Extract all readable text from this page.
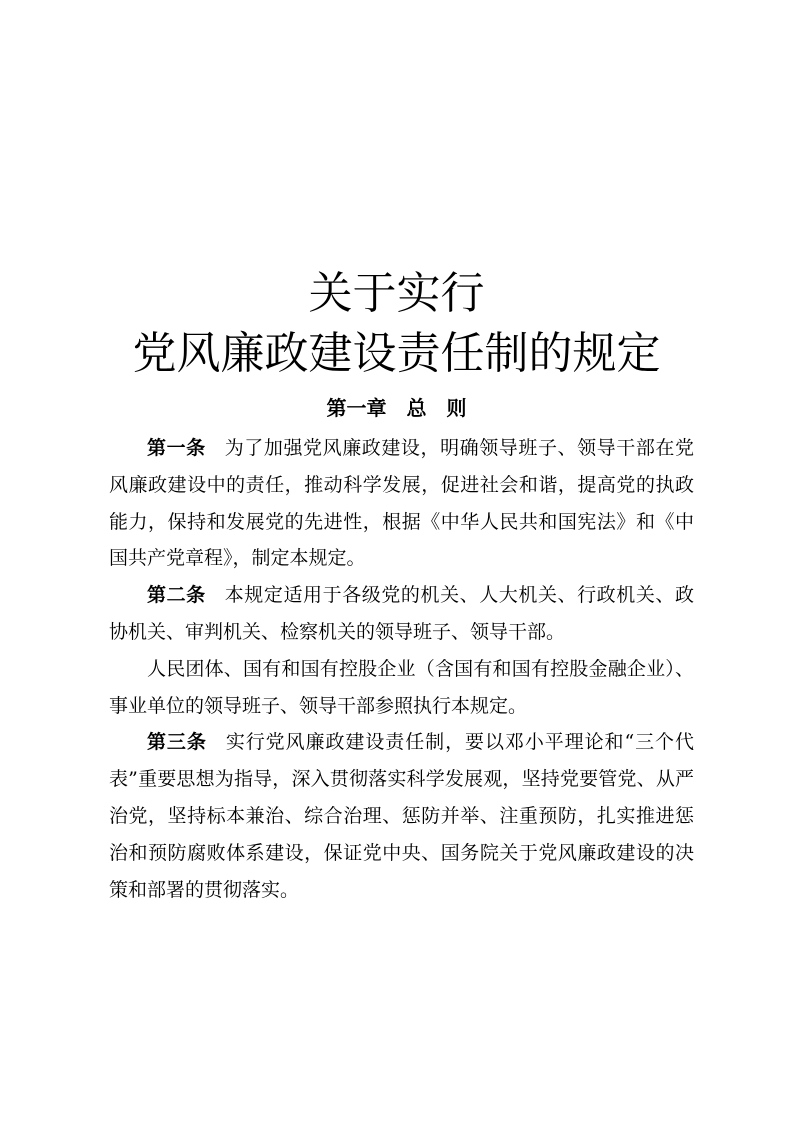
关于实行
党风廉政建设责任制的规定
第一章　总　则

第一条 为了加强党风廉政建设，明确领导班子、领导干部在党风廉政建设中的责任，推动科学发展，促进社会和谐，提高党的执政能力，保持和发展党的先进性，根据《中华人民共和国宪法》和《中国共产党章程》，制定本规定。

第二条 本规定适用于各级党的机关、人大机关、行政机关、政协机关、审判机关、检察机关的领导班子、领导干部。

人民团体、国有和国有控股企业（含国有和国有控股金融企业）、事业单位的领导班子、领导干部参照执行本规定。

第三条 实行党风廉政建设责任制，要以邓小平理论和“三个代表”重要思想为指导，深入贯彻落实科学发展观，坚持党要管党、从严治党，坚持标本兼治、综合治理、惩防并举、注重预防，扎实推进惩治和预防腐败体系建设，保证党中央、国务院关于党风廉政建设的决策和部署的贯彻落实。
